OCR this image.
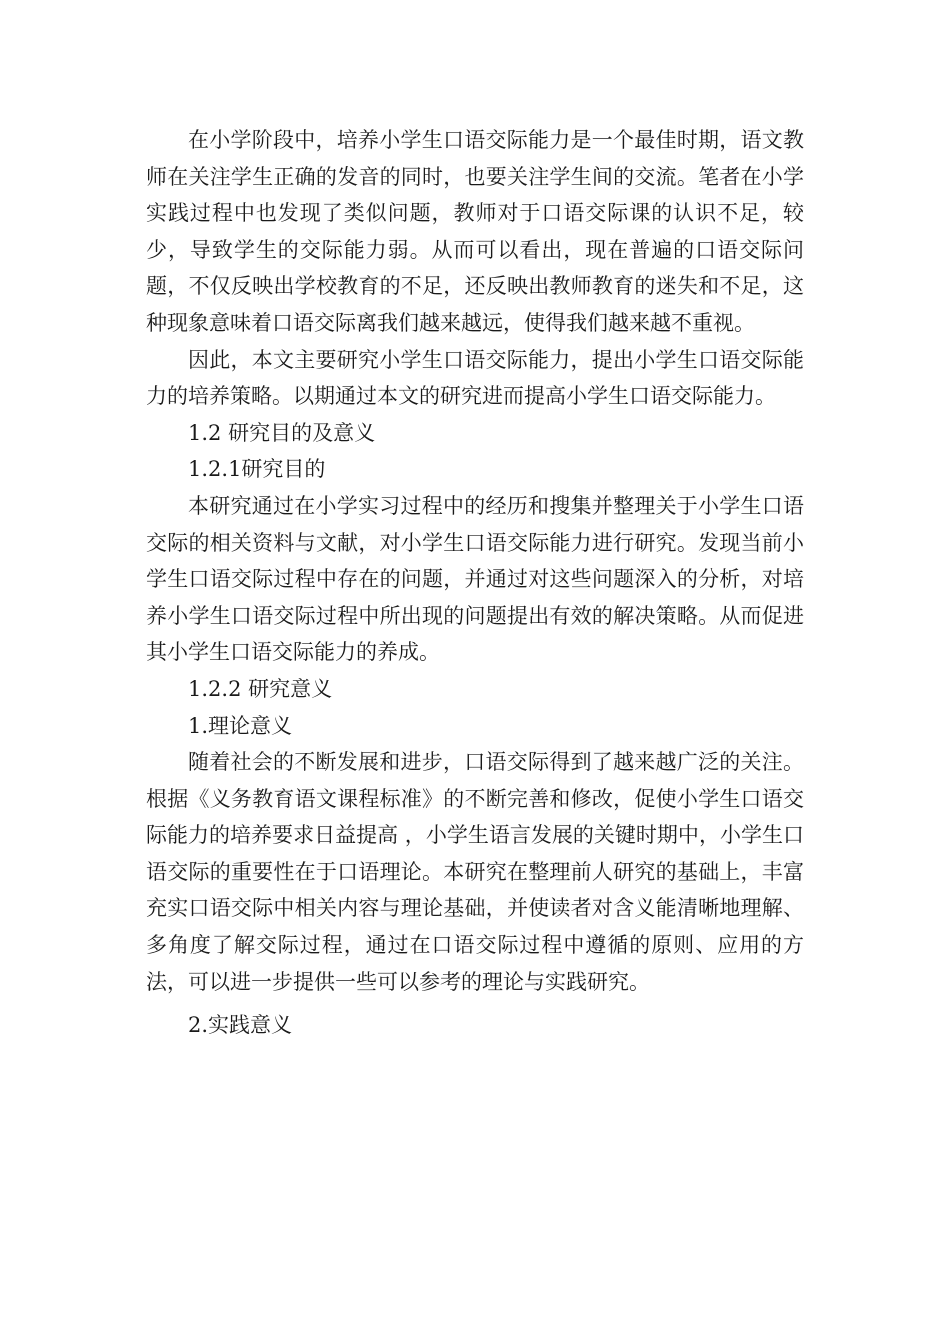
在小学阶段中，培养小学生口语交际能力是一个最佳时期，语文教师在关注学生正确的发音的同时，也要关注学生间的交流。笔者在小学实践过程中也发现了类似问题，教师对于口语交际课的认识不足，较少，导致学生的交际能力弱。从而可以看出，现在普遍的口语交际问题，不仅反映出学校教育的不足，还反映出教师教育的迷失和不足，这种现象意味着口语交际离我们越来越远，使得我们越来越不重视。

因此，本文主要研究小学生口语交际能力，提出小学生口语交际能力的培养策略。以期通过本文的研究进而提高小学生口语交际能力。

1.2 研究目的及意义

1.2.1研究目的

本研究通过在小学实习过程中的经历和搜集并整理关于小学生口语交际的相关资料与文献，对小学生口语交际能力进行研究。发现当前小学生口语交际过程中存在的问题，并通过对这些问题深入的分析，对培养小学生口语交际过程中所出现的问题提出有效的解决策略。从而促进其小学生口语交际能力的养成。

1.2.2 研究意义

1.理论意义

随着社会的不断发展和进步，口语交际得到了越来越广泛的关注。根据《义务教育语文课程标准》的不断完善和修改，促使小学生口语交际能力的培养要求日益提高 ，小学生语言发展的关键时期中，小学生口语交际的重要性在于口语理论。本研究在整理前人研究的基础上，丰富充实口语交际中相关内容与理论基础，并使读者对含义能清晰地理解、多角度了解交际过程，通过在口语交际过程中遵循的原则、应用的方法，可以进一步提供一些可以参考的理论与实践研究。

2.实践意义
